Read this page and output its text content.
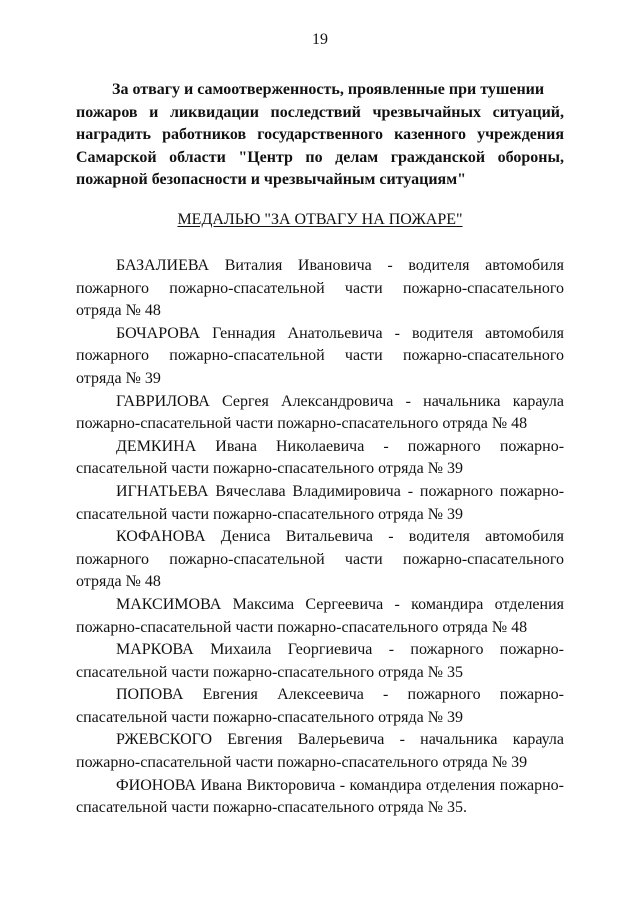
19
За отвагу и самоотверженность, проявленные при тушении
пожаров и ликвидации последствий чрезвычайных ситуаций, наградить работников государственного казенного учреждения Самарской области "Центр по делам гражданской обороны, пожарной безопасности и чрезвычайным ситуациям"
МЕДАЛЬЮ "ЗА ОТВАГУ НА ПОЖАРЕ"

БАЗАЛИЕВА Виталия Ивановича - водителя автомобиля пожарного пожарно-спасательной части пожарно-спасательного отряда № 48

БОЧАРОВА Геннадия Анатольевича - водителя автомобиля пожарного пожарно-спасательной части пожарно-спасательного отряда № 39

ГАВРИЛОВА Сергея Александровича - начальника караула пожарно-спасательной части пожарно-спасательного отряда № 48

ДЕМКИНА Ивана Николаевича - пожарного пожарно-спасательной части пожарно-спасательного отряда № 39

ИГНАТЬЕВА Вячеслава Владимировича - пожарного пожарно-спасательной части пожарно-спасательного отряда № 39

КОФАНОВА Дениса Витальевича - водителя автомобиля пожарного пожарно-спасательной части пожарно-спасательного отряда № 48

МАКСИМОВА Максима Сергеевича - командира отделения пожарно-спасательной части пожарно-спасательного отряда № 48

МАРКОВА Михаила Георгиевича - пожарного пожарно-спасательной части пожарно-спасательного отряда № 35

ПОПОВА Евгения Алексеевича - пожарного пожарно-спасательной части пожарно-спасательного отряда № 39

РЖЕВСКОГО Евгения Валерьевича - начальника караула пожарно-спасательной части пожарно-спасательного отряда № 39

ФИОНОВА Ивана Викторовича - командира отделения пожарно-спасательной части пожарно-спасательного отряда № 35.
